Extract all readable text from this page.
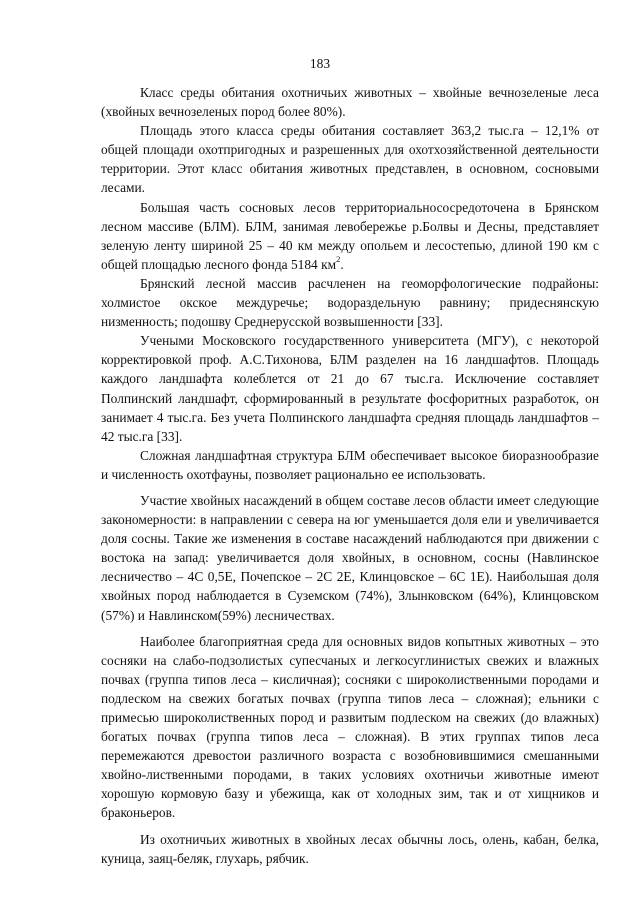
183

Класс среды обитания охотничьих животных – хвойные вечнозеленые леса (хвойных вечнозеленых пород более 80%).

Площадь этого класса среды обитания составляет 363,2 тыс.га – 12,1% от общей площади охотпригодных и разрешенных для охотхозяйственной деятельности территории. Этот класс обитания животных представлен, в основном, сосновыми лесами.

Большая часть сосновых лесов территориальнососредоточена в Брянском лесном массиве (БЛМ). БЛМ, занимая левобережье р.Болвы и Десны, представляет зеленую ленту шириной 25 – 40 км между опольем и лесостепью, длиной 190 км с общей площадью лесного фонда 5184 $км^2$.

Брянский лесной массив расчленен на геоморфологические подрайоны: холмистое окское междуречье; водораздельную равнину; придеснянскую низменность; подошву Среднерусской возвышенности [33].

Учеными Московского государственного университета (МГУ), с некоторой корректировкой проф. А.С.Тихонова, БЛМ разделен на 16 ландшафтов. Площадь каждого ландшафта колеблется от 21 до 67 тыс.га. Исключение составляет Полпинский ландшафт, сформированный в результате фосфоритных разработок, он занимает 4 тыс.га. Без учета Полпинского ландшафта средняя площадь ландшафтов – 42 тыс.га [33].

Сложная ландшафтная структура БЛМ обеспечивает высокое биоразнообразие и численность охотфауны, позволяет рационально ее использовать.

Участие хвойных насаждений в общем составе лесов области имеет следующие закономерности: в направлении с севера на юг уменьшается доля ели и увеличивается доля сосны. Такие же изменения в составе насаждений наблюдаются при движении с востока на запад: увеличивается доля хвойных, в основном, сосны (Навлинское лесничество – 4С 0,5Е, Почепское – 2С 2Е, Клинцовское – 6С 1Е). Наибольшая доля хвойных пород наблюдается в Суземском (74%), Злынковском (64%), Клинцовском (57%) и Навлинском(59%) лесничествах.

Наиболее благоприятная среда для основных видов копытных животных – это сосняки на слабо-подзолистых супесчаных и легкосуглинистых свежих и влажных почвах (группа типов леса – кисличная); сосняки с широколиственными породами и подлеском на свежих богатых почвах (группа типов леса – сложная); ельники с примесью широколиственных пород и развитым подлеском на свежих (до влажных) богатых почвах (группа типов леса – сложная). В этих группах типов леса перемежаются древостои различного возраста с возобновившимися смешанными хвойно-лиственными породами, в таких условиях охотничьи животные имеют хорошую кормовую базу и убежища, как от холодных зим, так и от хищников и браконьеров.

Из охотничьих животных в хвойных лесах обычны лось, олень, кабан, белка, куница, заяц-беляк, глухарь, рябчик.
